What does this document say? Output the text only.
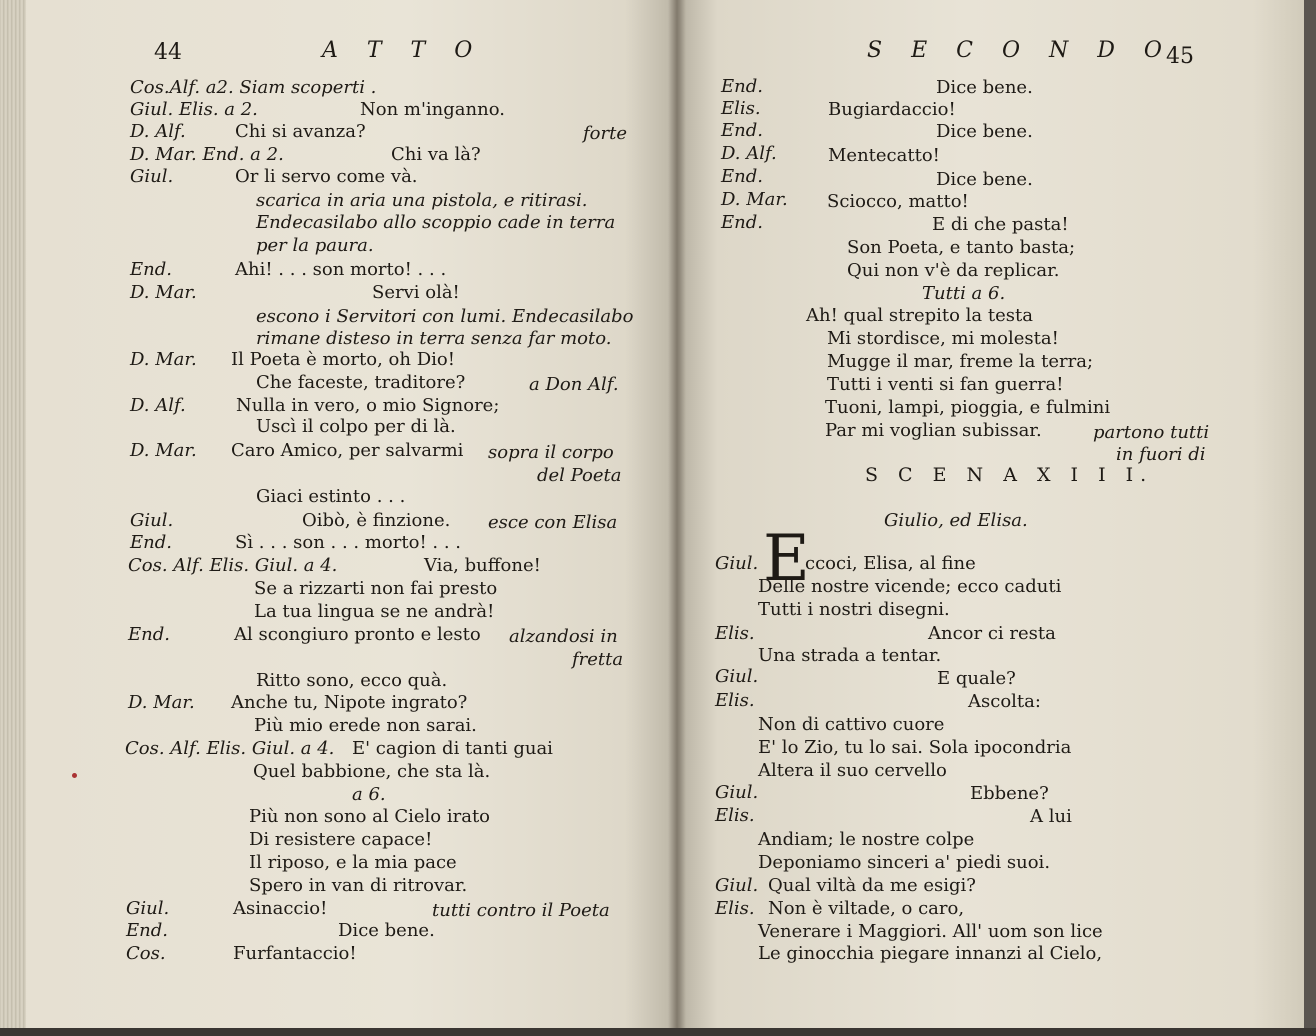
44	A T T O
Cos.Alf. a2. Siam scoperti .
Giul. Elis. a 2.	Non m'inganno.
D. Alf.	Chi si avanza?	forte
D. Mar. End. a 2.	Chi va là?
Giul.	Or li servo come và.
scarica in aria una pistola, e ritirasi.
Endecasilabo allo scoppio cade in terra
per la paura.
End.	Ahi! . . . son morto! . . .
D. Mar.	Servi olà!
escono i Servitori con lumi. Endecasilabo
rimane disteso in terra senza far moto.
D. Mar. Il Poeta è morto, oh Dio!
Che faceste, traditore?	a Don Alf.
D. Alf.	Nulla in vero, o mio Signore;
Uscì il colpo per di là.
D. Mar. Caro Amico, per salvarmi sopra il corpo
del Poeta
Giaci estinto . . .
Giul.	Oibò, è finzione. esce con Elisa
End.	Sì . . . son . . . morto! . . .
Cos. Alf. Elis. Giul. a 4.	Via, buffone!
Se a rizzarti non fai presto
La tua lingua se ne andrà!
End.	Al scongiuro pronto e lesto alzandosi in
fretta
Ritto sono, ecco quà.
D. Mar. Anche tu, Nipote ingrato?
Più mio erede non sarai.
Cos. Alf. Elis. Giul. a 4. E' cagion di tanti guai
Quel babbione, che sta là.
a 6.
Più non sono al Cielo irato
Di resistere capace!
Il riposo, e la mia pace
Spero in van di ritrovar.
Giul.	Asinaccio!	tutti contro il Poeta
End.	Dice bene.
Cos.	Furfantaccio!
S E C O N D O
45
End.	Dice bene.
Elis.	Bugiardaccio!
End.	Dice bene.
D. Alf.	Mentecatto!
End.	Dice bene.
D. Mar. Sciocco, matto!
End.	E di che pasta!
Son Poeta, e tanto basta;
Qui non v'è da replicar.
Tutti a 6.
Ah! qual strepito la testa
Mi stordisce, mi molesta!
Mugge il mar, freme la terra;
Tutti i venti si fan guerra!
Tuoni, lampi, pioggia, e fulmini
Par mi voglian subissar.	partono tutti
in fuori di
S C E N A X I I I.
Giulio, ed Elisa.
E
Giul.	ccoci, Elisa, al fine
Delle nostre vicende; ecco caduti
Tutti i nostri disegni.
Elis.	Ancor ci resta
Una strada a tentar.
Giul.	E quale?
Elis.	Ascolta:
Non di cattivo cuore
E' lo Zio, tu lo sai. Sola ipocondria
Altera il suo cervello
Giul.	Ebbene?
Elis.	A lui
Andiam; le nostre colpe
Deponiamo sinceri a' piedi suoi.
Giul. Qual viltà da me esigi?
Elis. Non è viltade, o caro,
Venerare i Maggiori. All' uom son lice
Le ginocchia piegare innanzi al Cielo,
